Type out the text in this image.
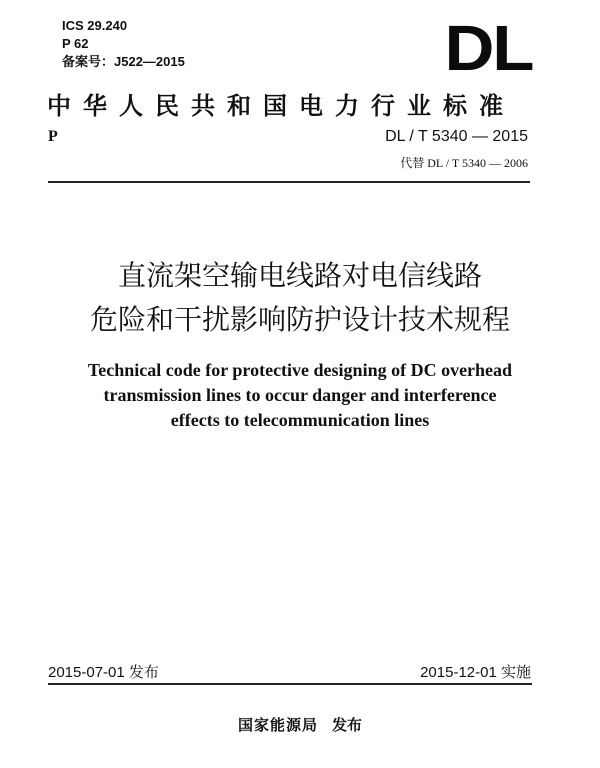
ICS 29.240
P 62
备案号：J522—2015	DL
中华人民共和国电力行业标准
P	DL / T 5340 — 2015
代替 DL / T 5340 — 2006
直流架空输电线路对电信线路
危险和干扰影响防护设计技术规程
Technical code for protective designing of DC overhead
transmission lines to occur danger and interference
effects to telecommunication lines
2015-07-01 发布	2015-12-01 实施
国家能源局 发布
